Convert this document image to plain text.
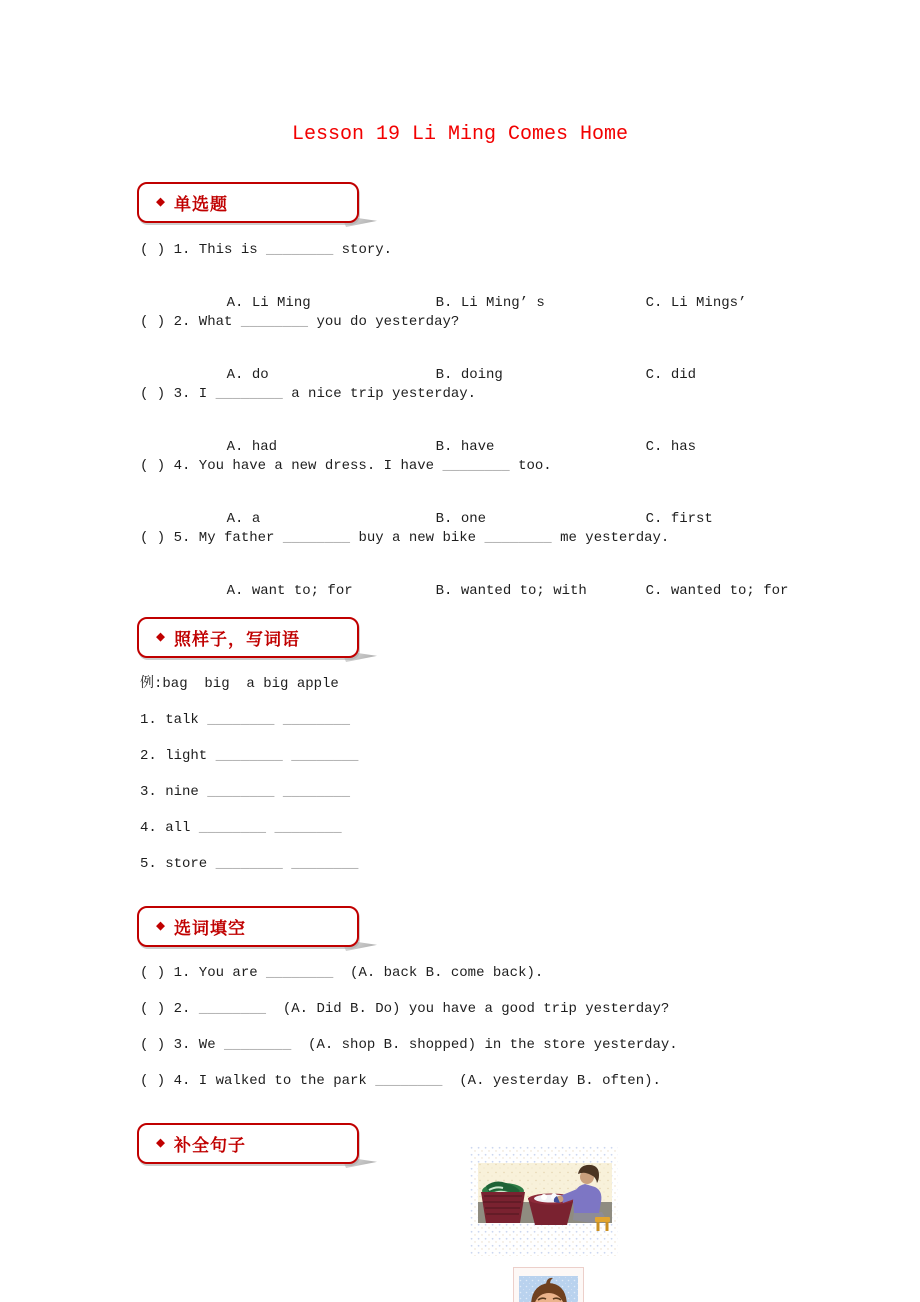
Lesson 19 Li Ming Comes Home
◆ 单选题
( ) 1. This is ________ story.

A. Li Ming	B. Li Ming’ s	C. Li Mings’

( ) 2. What ________ you do yesterday?

A. do	B. doing	C. did

( ) 3. I ________ a nice trip yesterday.

A. had	B. have	C. has

( ) 4. You have a new dress. I have ________ too.

A. a	B. one	C. first

( ) 5. My father ________ buy a new bike ________ me yesterday.

A. want to; for	B. wanted to; with	C. wanted to; for

◆ 照样子，写词语
例:bag  big  a big apple
1. talk ________ ________
2. light ________ ________
3. nine ________ ________
4. all ________ ________
5. store ________ ________
◆ 选词填空
( ) 1. You are ________  (A. back B. come back).
( ) 2. ________  (A. Did B. Do) you have a good trip yesterday?
( ) 3. We ________  (A. shop B. shopped) in the store yesterday.
( ) 4. I walked to the park ________  (A. yesterday B. often).
◆ 补全句子
